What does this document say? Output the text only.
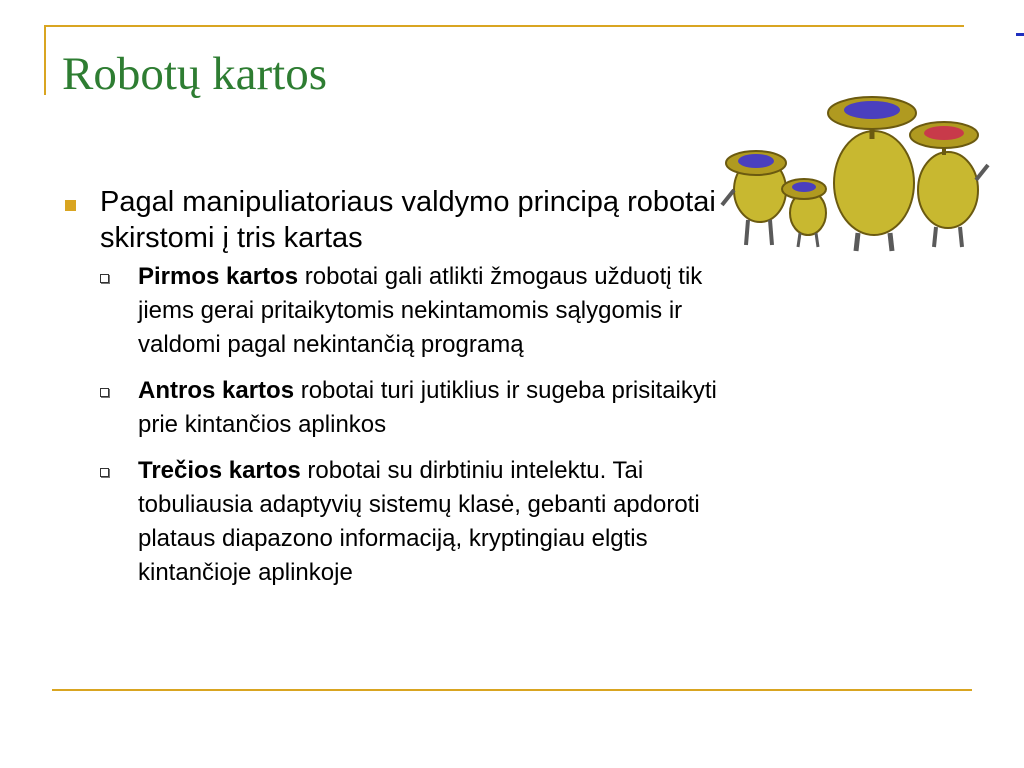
Robotų kartos
Pagal manipuliatoriaus valdymo principą robotai skirstomi į tris kartas
Pirmos kartos robotai gali atlikti žmogaus užduotį tik jiems gerai pritaikytomis nekintamomis sąlygomis ir valdomi pagal nekintančią programą
Antros kartos robotai turi jutiklius ir sugeba prisitaikyti prie kintančios aplinkos
Trečios kartos robotai su dirbtiniu intelektu. Tai tobuliausia adaptyvių sistemų klasė, gebanti apdoroti plataus diapazono informaciją, kryptingiau elgtis kintančioje aplinkoje
